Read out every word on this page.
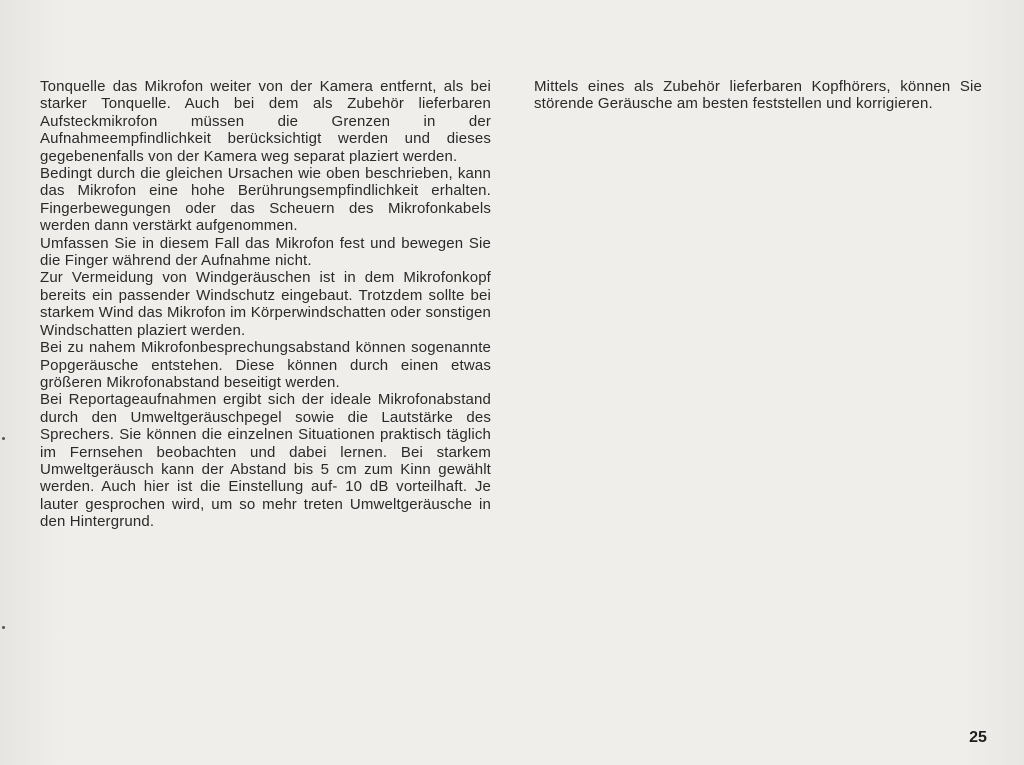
Tonquelle das Mikrofon weiter von der Kamera entfernt, als bei starker Tonquelle. Auch bei dem als Zubehör lieferbaren Aufsteckmikrofon müssen die Grenzen in der Aufnahmeempfindlichkeit berücksichtigt werden und dieses gegebenenfalls von der Kamera weg separat plaziert werden.

Bedingt durch die gleichen Ursachen wie oben beschrieben, kann das Mikrofon eine hohe Berührungsempfindlichkeit erhalten. Fingerbewegungen oder das Scheuern des Mikrofonkabels werden dann verstärkt aufgenommen.

Umfassen Sie in diesem Fall das Mikrofon fest und bewegen Sie die Finger während der Aufnahme nicht.

Zur Vermeidung von Windgeräuschen ist in dem Mikrofonkopf bereits ein passender Windschutz eingebaut. Trotzdem sollte bei starkem Wind das Mikrofon im Körperwindschatten oder sonstigen Windschatten plaziert werden.

Bei zu nahem Mikrofonbesprechungsabstand können sogenannte Popgeräusche entstehen. Diese können durch einen etwas größeren Mikrofonabstand beseitigt werden.

Bei Reportageaufnahmen ergibt sich der ideale Mikrofonabstand durch den Umweltgeräuschpegel sowie die Lautstärke des Sprechers. Sie können die einzelnen Situationen praktisch täglich im Fernsehen beobachten und dabei lernen. Bei starkem Umweltgeräusch kann der Abstand bis 5 cm zum Kinn gewählt werden. Auch hier ist die Einstellung auf- 10 dB vorteilhaft. Je lauter gesprochen wird, um so mehr treten Umweltgeräusche in den Hintergrund.

Mittels eines als Zubehör lieferbaren Kopfhörers, können Sie störende Geräusche am besten feststellen und korrigieren.

25
